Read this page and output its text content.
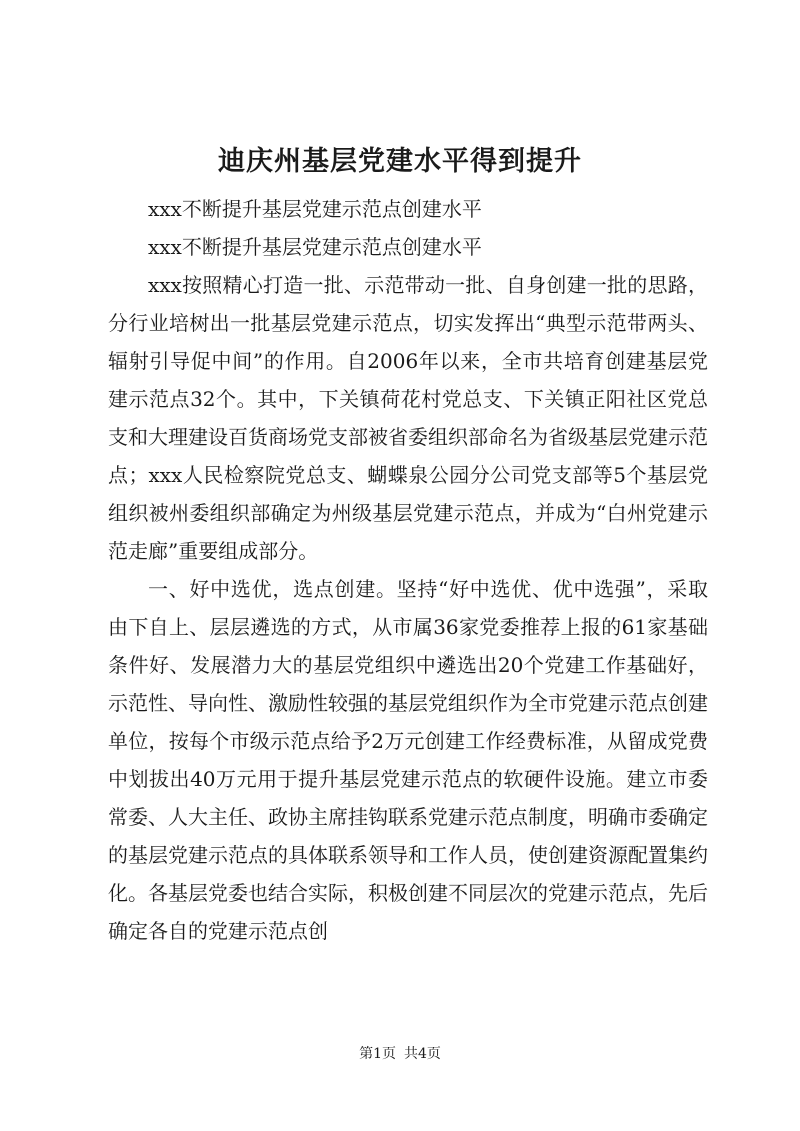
迪庆州基层党建水平得到提升

xxx不断提升基层党建示范点创建水平

xxx不断提升基层党建示范点创建水平

xxx按照精心打造一批、示范带动一批、自身创建一批的思路，分行业培树出一批基层党建示范点，切实发挥出“典型示范带两头、辐射引导促中间”的作用。自2006年以来，全市共培育创建基层党建示范点32个。其中，下关镇荷花村党总支、下关镇正阳社区党总支和大理建设百货商场党支部被省委组织部命名为省级基层党建示范点；xxx人民检察院党总支、蝴蝶泉公园分公司党支部等5个基层党组织被州委组织部确定为州级基层党建示范点，并成为“白州党建示范走廊”重要组成部分。

一、好中选优，选点创建。坚持“好中选优、优中选强”，采取由下自上、层层遴选的方式，从市属36家党委推荐上报的61家基础条件好、发展潜力大的基层党组织中遴选出20个党建工作基础好，示范性、导向性、激励性较强的基层党组织作为全市党建示范点创建单位，按每个市级示范点给予2万元创建工作经费标准，从留成党费中划拔出40万元用于提升基层党建示范点的软硬件设施。建立市委常委、人大主任、政协主席挂钩联系党建示范点制度，明确市委确定的基层党建示范点的具体联系领导和工作人员，使创建资源配置集约化。各基层党委也结合实际，积极创建不同层次的党建示范点，先后确定各自的党建示范点创

第1页 共4页
